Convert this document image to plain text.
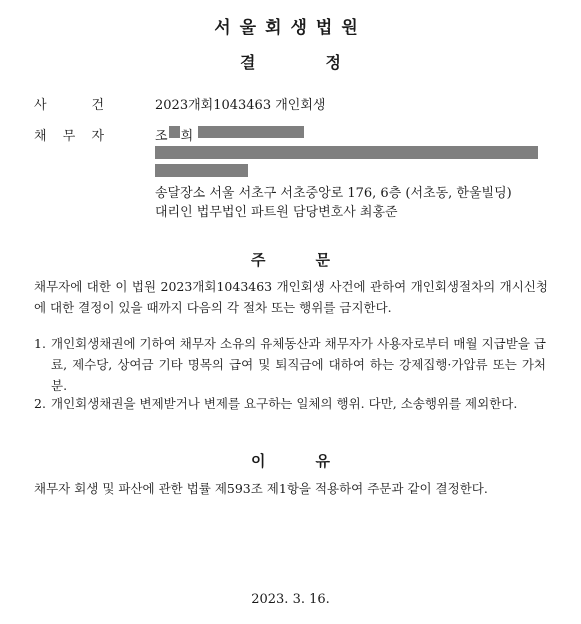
서울회생법원
결	정
사	건	2023개회1043463 개인회생
채 무 자	조 희
송달장소 서울 서초구 서초중앙로 176, 6층 (서초동, 한울빌딩)
대리인 법무법인 파트원 담당변호사 최홍준
주	문
채무자에 대한 이 법원 2023개회1043463 개인회생 사건에 관하여 개인회생절차의 개시신청에 대한 결정이 있을 때까지 다음의 각 절차 또는 행위를 금지한다.
1. 개인회생채권에 기하여 채무자 소유의 유체동산과 채무자가 사용자로부터 매월 지급받을 급료, 제수당, 상여금 기타 명목의 급여 및 퇴직금에 대하여 하는 강제집행·가압류 또는 가처분.
2. 개인회생채권을 변제받거나 변제를 요구하는 일체의 행위. 다만, 소송행위를 제외한다.
이	유
채무자 회생 및 파산에 관한 법률 제593조 제1항을 적용하여 주문과 같이 결정한다.
2023. 3. 16.
